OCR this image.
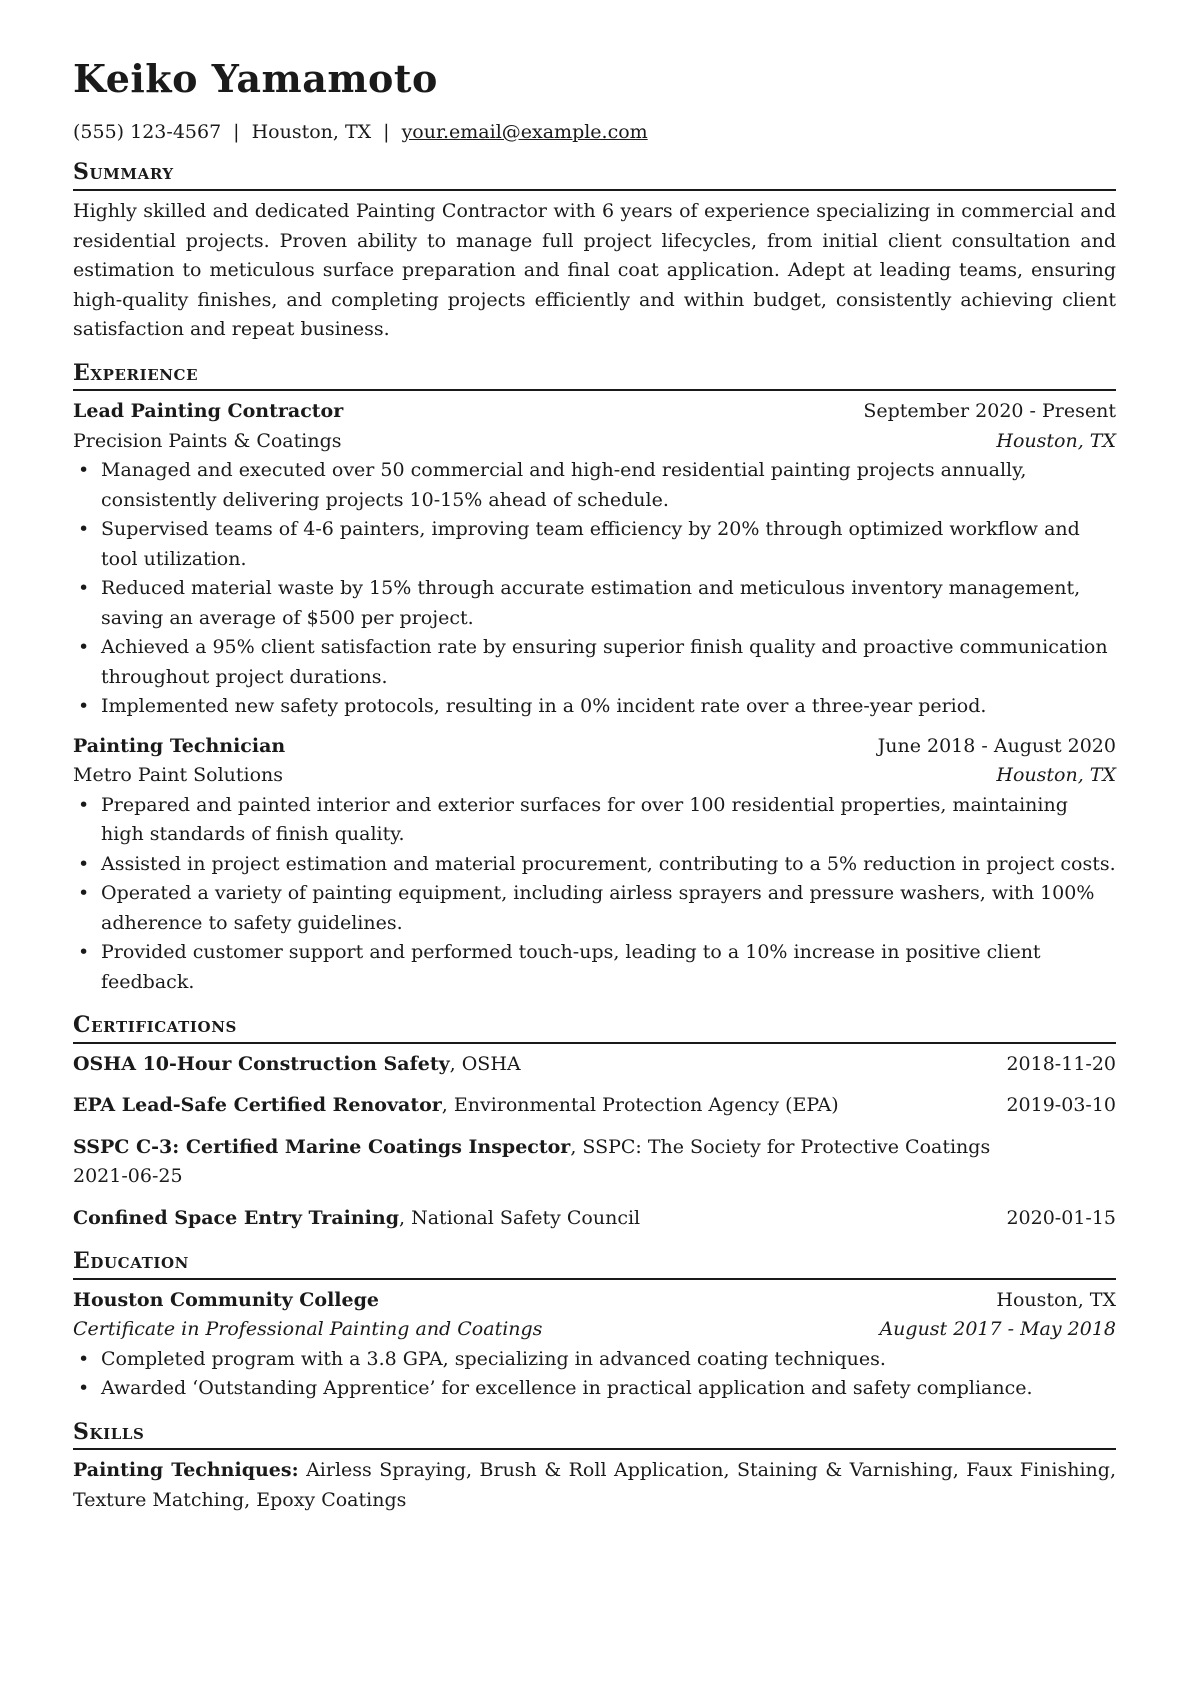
Keiko Yamamoto
(555) 123-4567 | Houston, TX | your.email@example.com
Summary

Highly skilled and dedicated Painting Contractor with 6 years of experience specializing in commercial and residential projects. Proven ability to manage full project lifecycles, from initial client consultation and estimation to meticulous surface preparation and final coat application. Adept at leading teams, ensuring high-quality finishes, and completing projects efficiently and within budget, consistently achieving client satisfaction and repeat business.

Experience
Lead Painting Contractor	September 2020 - Present
Precision Paints & Coatings	Houston, TX
• Managed and executed over 50 commercial and high-end residential painting projects annually, consistently delivering projects 10-15% ahead of schedule.
• Supervised teams of 4-6 painters, improving team efficiency by 20% through optimized workflow and tool utilization.
• Reduced material waste by 15% through accurate estimation and meticulous inventory management, saving an average of $500 per project.
• Achieved a 95% client satisfaction rate by ensuring superior finish quality and proactive communication throughout project durations.
• Implemented new safety protocols, resulting in a 0% incident rate over a three-year period.
Painting Technician	June 2018 - August 2020
Metro Paint Solutions	Houston, TX
• Prepared and painted interior and exterior surfaces for over 100 residential properties, maintaining high standards of finish quality.
• Assisted in project estimation and material procurement, contributing to a 5% reduction in project costs.
• Operated a variety of painting equipment, including airless sprayers and pressure washers, with 100% adherence to safety guidelines.
• Provided customer support and performed touch-ups, leading to a 10% increase in positive client feedback.
Certifications
OSHA 10-Hour Construction Safety, OSHA	2018-11-20
EPA Lead-Safe Certified Renovator, Environmental Protection Agency (EPA)	2019-03-10
SSPC C-3: Certified Marine Coatings Inspector, SSPC: The Society for Protective Coatings
2021-06-25
Confined Space Entry Training, National Safety Council	2020-01-15
Education
Houston Community College	Houston, TX
Certificate in Professional Painting and Coatings	August 2017 - May 2018
• Completed program with a 3.8 GPA, specializing in advanced coating techniques.
• Awarded ‘Outstanding Apprentice’ for excellence in practical application and safety compliance.
Skills

Painting Techniques: Airless Spraying, Brush & Roll Application, Staining & Varnishing, Faux Finishing, Texture Matching, Epoxy Coatings
